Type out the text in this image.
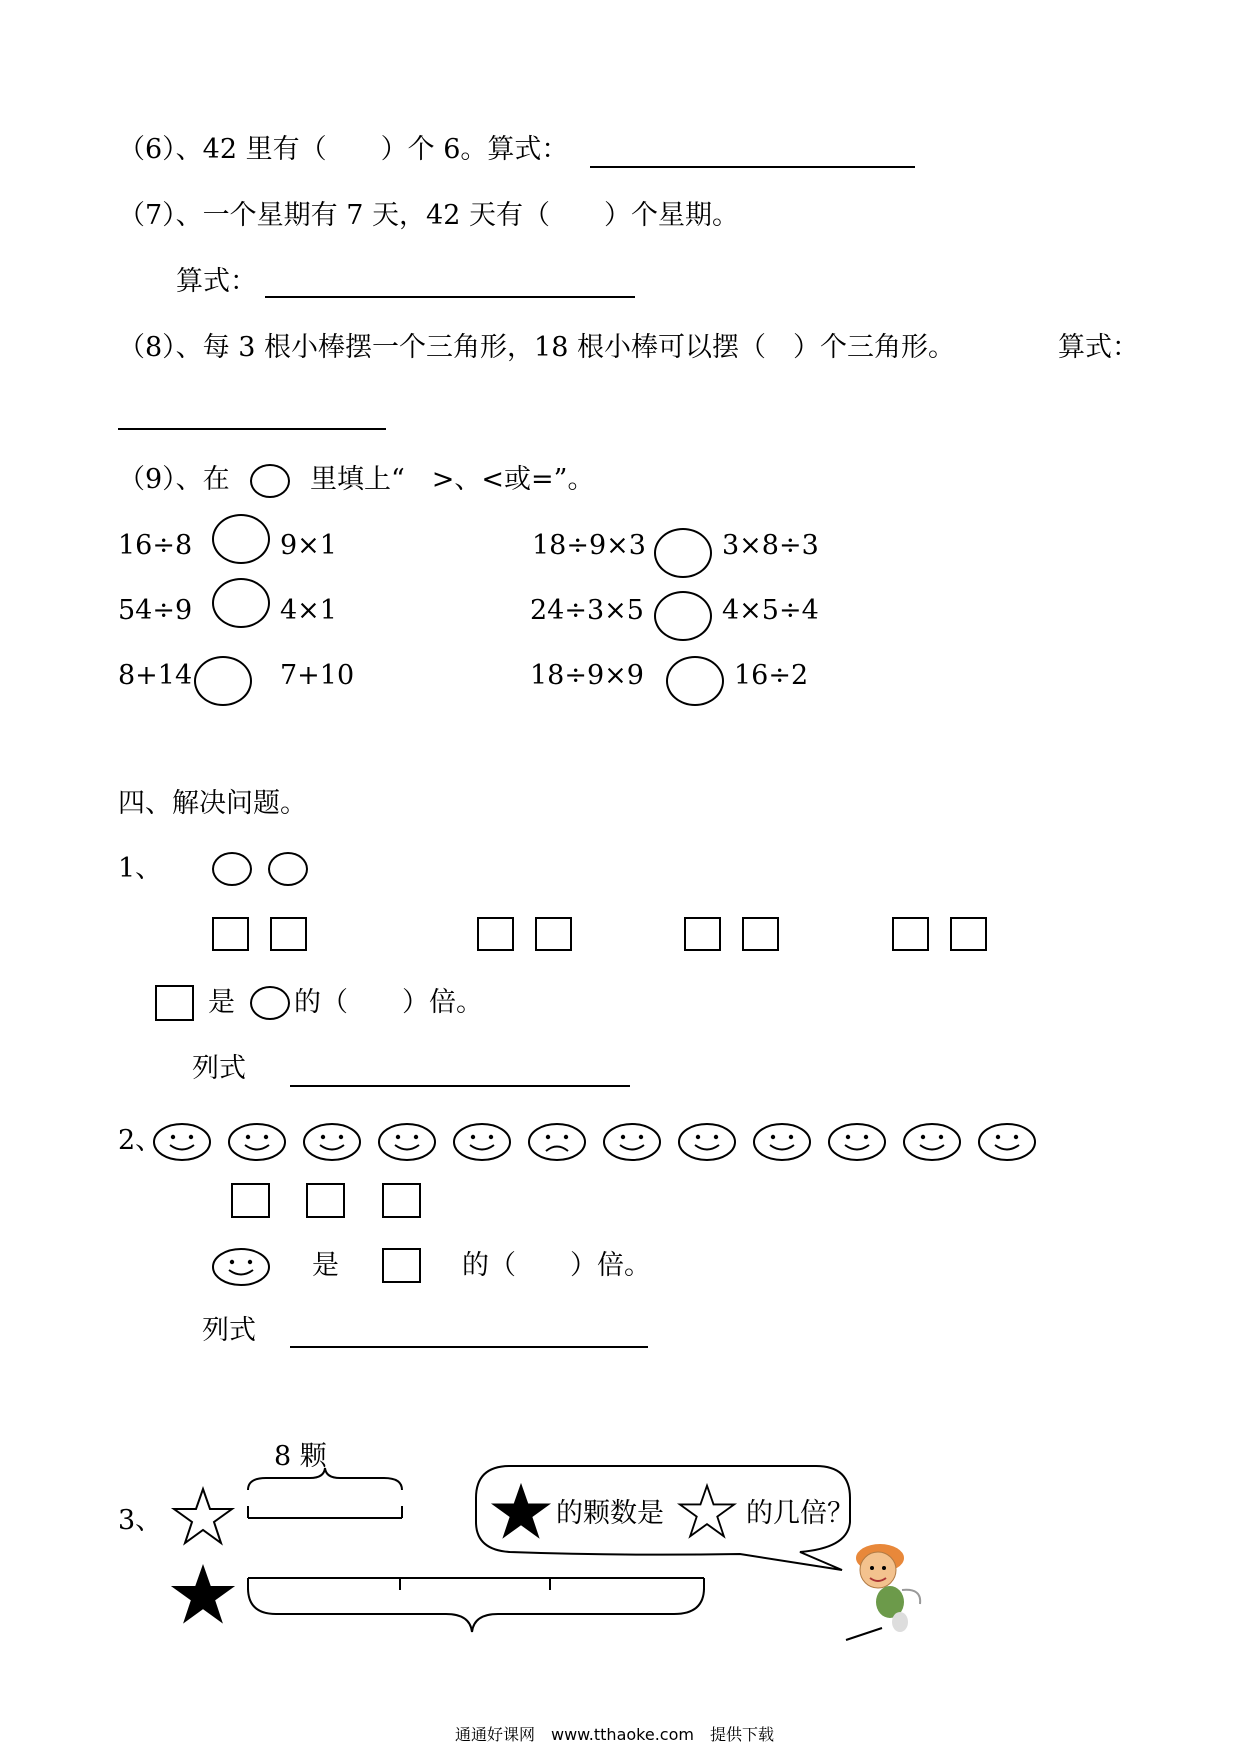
（6）、42 里有（　　）个 6。算式：
（7）、一个星期有 7 天，42 天有（　　）个星期。
算式：
（8）、每 3 根小棒摆一个三角形，18 根小棒可以摆（　）个三角形。	算式：
（9）、在	里填上“　>、<或=”。
16÷8	9×1	18÷9×3	3×8÷3
54÷9	4×1	24÷3×5	4×5÷4
8+14	7+10	18÷9×9	16÷2
四、解决问题。
1、
是 的（　　）倍。
列式
2、
是	的（　　）倍。
列式
8 颗
3、	的颗数是	的几倍？
通通好课网　www.tthaoke.com　提供下载
